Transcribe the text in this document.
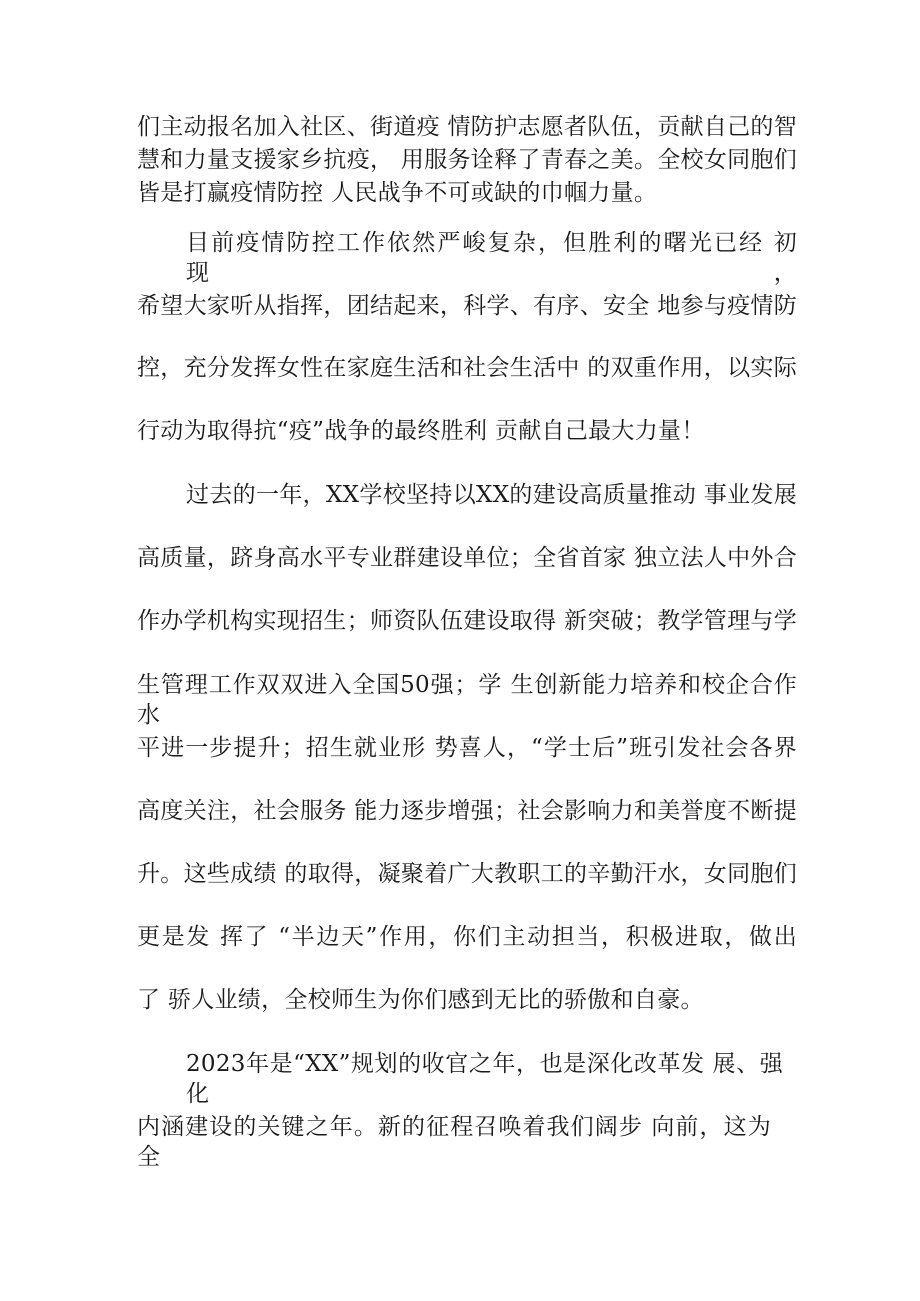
们主动报名加入社区、街道疫 情防护志愿者队伍，贡献自己的智
慧和力量支援家乡抗疫， 用服务诠释了青春之美。全校女同胞们
皆是打赢疫情防控 人民战争不可或缺的巾帼力量。
目前疫情防控工作依然严峻复杂，但胜利的曙光已经 初现，
希望大家听从指挥，团结起来，科学、有序、安全 地参与疫情防
控，充分发挥女性在家庭生活和社会生活中 的双重作用，以实际
行动为取得抗“疫”战争的最终胜利 贡献自己最大力量！
过去的一年，XX学校坚持以XX的建设高质量推动 事业发展
高质量，跻身高水平专业群建设单位；全省首家 独立法人中外合
作办学机构实现招生；师资队伍建设取得 新突破；教学管理与学
生管理工作双双进入全国50强；学 生创新能力培养和校企合作水
平进一步提升；招生就业形 势喜人，“学士后”班引发社会各界
高度关注，社会服务 能力逐步增强；社会影响力和美誉度不断提
升。这些成绩 的取得，凝聚着广大教职工的辛勤汗水，女同胞们
更是发 挥了 “半边天”作用，你们主动担当，积极进取，做出
了 骄人业绩，全校师生为你们感到无比的骄傲和自豪。
2023年是“XX”规划的收官之年，也是深化改革发 展、强化
内涵建设的关键之年。新的征程召唤着我们阔步 向前，这为全
